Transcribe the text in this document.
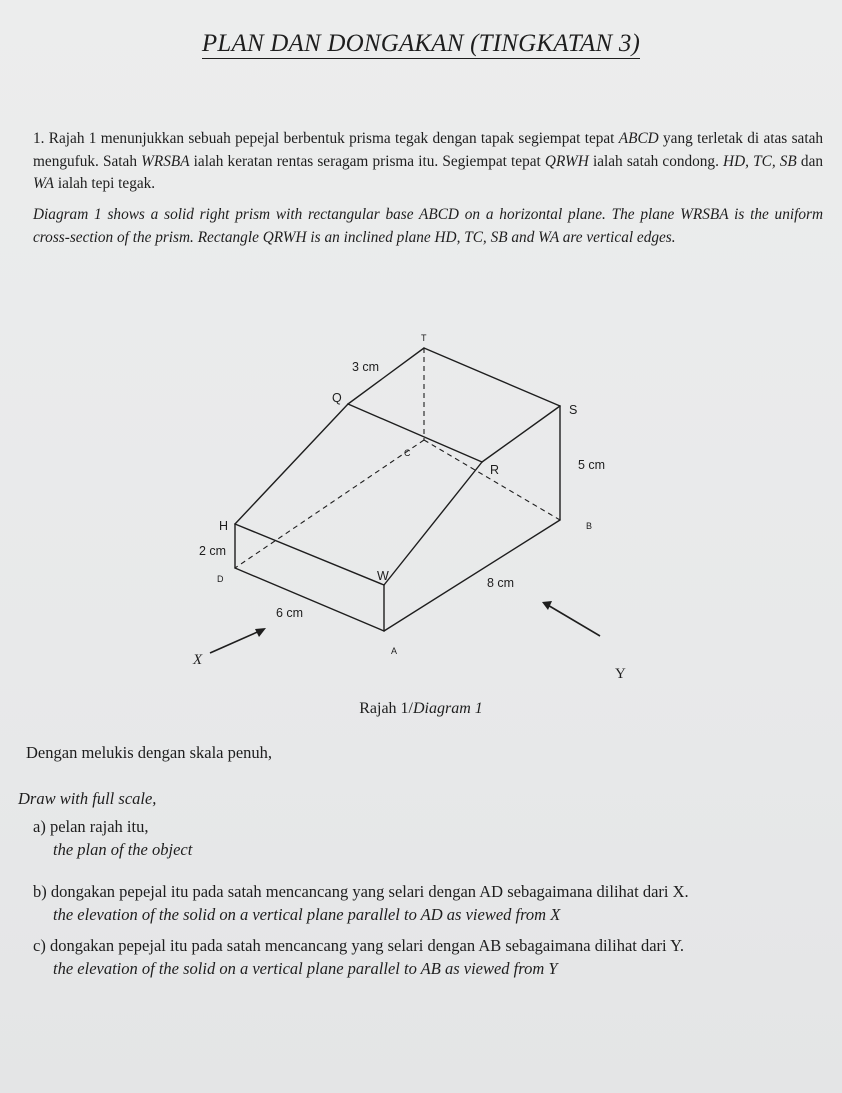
PLAN DAN DONGAKAN (TINGKATAN 3)
1. Rajah 1 menunjukkan sebuah pepejal berbentuk prisma tegak dengan tapak segiempat tepat ABCD yang terletak di atas satah mengufuk. Satah WRSBA ialah keratan rentas seragam prisma itu. Segiempat tepat QRWH ialah satah condong. HD, TC, SB dan WA ialah tepi tegak.
Diagram 1 shows a solid right prism with rectangular base ABCD on a horizontal plane. The plane WRSBA is the uniform cross-section of the prism. Rectangle QRWH is an inclined plane HD, TC, SB and WA are vertical edges.
T
Q
S
C
R
H	B
W
D
A
3 cm
5 cm
2 cm
6 cm
8 cm
X
Y
Rajah 1/Diagram 1
Dengan melukis dengan skala penuh,
Draw with full scale,
a) pelan rajah itu,
the plan of the object
b) dongakan pepejal itu pada satah mencancang yang selari dengan AD sebagaimana dilihat dari X.
the elevation of the solid on a vertical plane parallel to AD as viewed from X
c) dongakan pepejal itu pada satah mencancang yang selari dengan AB sebagaimana dilihat dari Y.
the elevation of the solid on a vertical plane parallel to AB as viewed from Y
